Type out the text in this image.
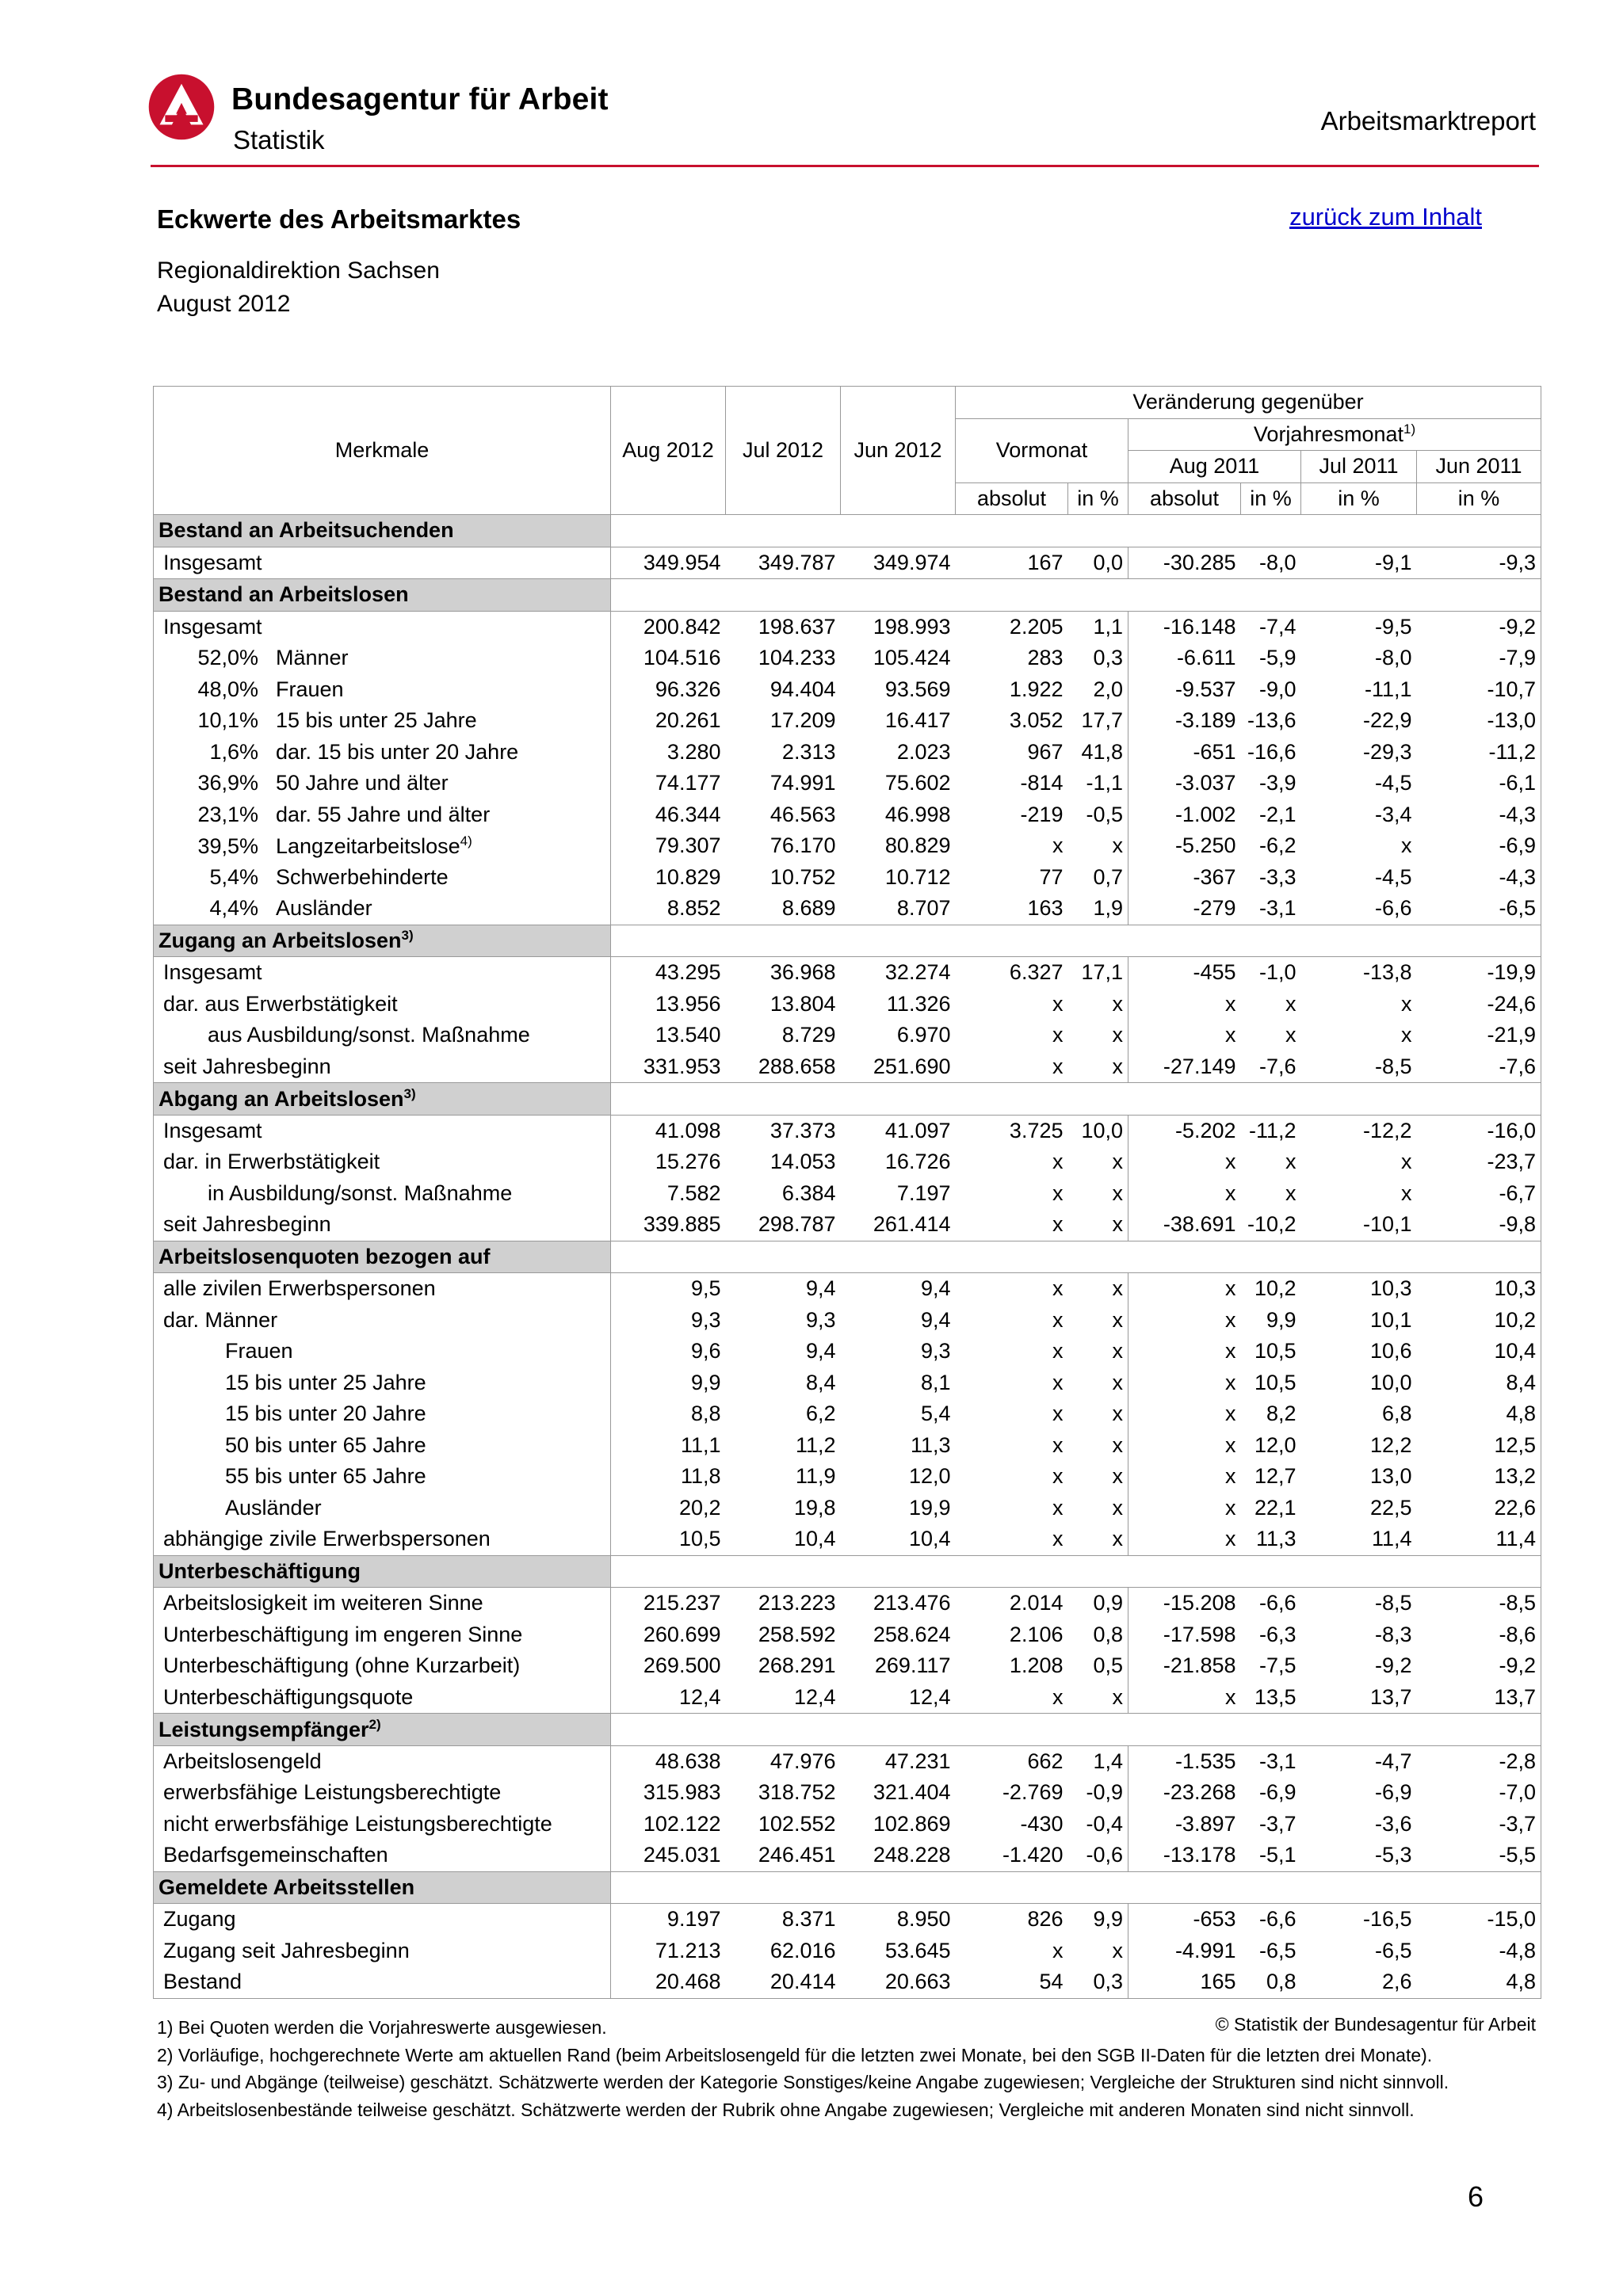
Bundesagentur für Arbeit
Statistik
Arbeitsmarktreport
Eckwerte des Arbeitsmarktes	zurück zum Inhalt
Regionaldirektion Sachsen
August 2012
Merkmale	Aug 2012	Jul 2012	Jun 2012	Veränderung gegenüber					
				Vormonat		Vorjahresmonat$^{1)}$
						Aug 2011		Jul 2011	Jun 2011
				absolut	in %	absolut	in %	in %	in %
Bestand an Arbeitsuchenden									
Insgesamt	349.954	349.787	349.974	167	0,0	-30.285	-8,0	-9,1	-9,3
Bestand an Arbeitslosen									
Insgesamt	200.842	198.637	198.993	2.205	1,1	-16.148	-7,4	-9,5	-9,2
52,0% Männer	104.516	104.233	105.424	283	0,3	-6.611	-5,9	-8,0	-7,9
48,0% Frauen	96.326	94.404	93.569	1.922	2,0	-9.537	-9,0	-11,1	-10,7
10,1% 15 bis unter 25 Jahre	20.261	17.209	16.417	3.052	17,7	-3.189	-13,6	-22,9	-13,0
1,6% dar. 15 bis unter 20 Jahre	3.280	2.313	2.023	967	41,8	-651	-16,6	-29,3	-11,2
36,9% 50 Jahre und älter	74.177	74.991	75.602	-814	-1,1	-3.037	-3,9	-4,5	-6,1
23,1% dar. 55 Jahre und älter	46.344	46.563	46.998	-219	-0,5	-1.002	-2,1	-3,4	-4,3
39,5% Langzeitarbeitslose$^{4)}$	79.307	76.170	80.829	x	x	-5.250	-6,2	x	-6,9
5,4% Schwerbehinderte	10.829	10.752	10.712	77	0,7	-367	-3,3	-4,5	-4,3
4,4% Ausländer	8.852	8.689	8.707	163	1,9	-279	-3,1	-6,6	-6,5
Zugang an Arbeitslosen$^{3)}$	
Insgesamt	43.295	36.968	32.274	6.327	17,1	-455	-1,0	-13,8	-19,9
dar. aus Erwerbstätigkeit	13.956	13.804	11.326	x	x	x	x	x	-24,6
aus Ausbildung/sonst. Maßnahme	13.540	8.729	6.970	x	x	x	x	x	-21,9
seit Jahresbeginn	331.953	288.658	251.690	x	x	-27.149	-7,6	-8,5	-7,6
Abgang an Arbeitslosen$^{3)}$	
Insgesamt	41.098	37.373	41.097	3.725	10,0	-5.202	-11,2	-12,2	-16,0
dar. in Erwerbstätigkeit	15.276	14.053	16.726	x	x	x	x	x	-23,7
in Ausbildung/sonst. Maßnahme	7.582	6.384	7.197	x	x	x	x	x	-6,7
seit Jahresbeginn	339.885	298.787	261.414	x	x	-38.691	-10,2	-10,1	-9,8
Arbeitslosenquoten bezogen auf									
alle zivilen Erwerbspersonen	9,5	9,4	9,4	x	x	x	10,2	10,3	10,3
dar. Männer	9,3	9,3	9,4	x	x	x	9,9	10,1	10,2
Frauen	9,6	9,4	9,3	x	x	x	10,5	10,6	10,4
15 bis unter 25 Jahre	9,9	8,4	8,1	x	x	x	10,5	10,0	8,4
15 bis unter 20 Jahre	8,8	6,2	5,4	x	x	x	8,2	6,8	4,8
50 bis unter 65 Jahre	11,1	11,2	11,3	x	x	x	12,0	12,2	12,5
55 bis unter 65 Jahre	11,8	11,9	12,0	x	x	x	12,7	13,0	13,2
Ausländer	20,2	19,8	19,9	x	x	x	22,1	22,5	22,6
abhängige zivile Erwerbspersonen	10,5	10,4	10,4	x	x	x	11,3	11,4	11,4
Unterbeschäftigung									
Arbeitslosigkeit im weiteren Sinne	215.237	213.223	213.476	2.014	0,9	-15.208	-6,6	-8,5	-8,5
Unterbeschäftigung im engeren Sinne	260.699	258.592	258.624	2.106	0,8	-17.598	-6,3	-8,3	-8,6
Unterbeschäftigung (ohne Kurzarbeit)	269.500	268.291	269.117	1.208	0,5	-21.858	-7,5	-9,2	-9,2
Unterbeschäftigungsquote	12,4	12,4	12,4	x	x	x	13,5	13,7	13,7
Leistungsempfänger$^{2)}$	
Arbeitslosengeld	48.638	47.976	47.231	662	1,4	-1.535	-3,1	-4,7	-2,8
erwerbsfähige Leistungsberechtigte	315.983	318.752	321.404	-2.769	-0,9	-23.268	-6,9	-6,9	-7,0
nicht erwerbsfähige Leistungsberechtigte	102.122	102.552	102.869	-430	-0,4	-3.897	-3,7	-3,6	-3,7
Bedarfsgemeinschaften	245.031	246.451	248.228	-1.420	-0,6	-13.178	-5,1	-5,3	-5,5
Gemeldete Arbeitsstellen									
Zugang	9.197	8.371	8.950	826	9,9	-653	-6,6	-16,5	-15,0
Zugang seit Jahresbeginn	71.213	62.016	53.645	x	x	-4.991	-6,5	-6,5	-4,8
Bestand	20.468	20.414	20.663	54	0,3	165	0,8	2,6	4,8
1) Bei Quoten werden die Vorjahreswerte ausgewiesen.
2) Vorläufige, hochgerechnete Werte am aktuellen Rand (beim Arbeitslosengeld für die letzten zwei Monate, bei den SGB II-Daten für die letzten drei Monate).
3) Zu- und Abgänge (teilweise) geschätzt. Schätzwerte werden der Kategorie Sonstiges/keine Angabe zugewiesen; Vergleiche der Strukturen sind nicht sinnvoll.
4) Arbeitslosenbestände teilweise geschätzt. Schätzwerte werden der Rubrik ohne Angabe zugewiesen; Vergleiche mit anderen Monaten sind nicht sinnvoll.
© Statistik der Bundesagentur für Arbeit
6
